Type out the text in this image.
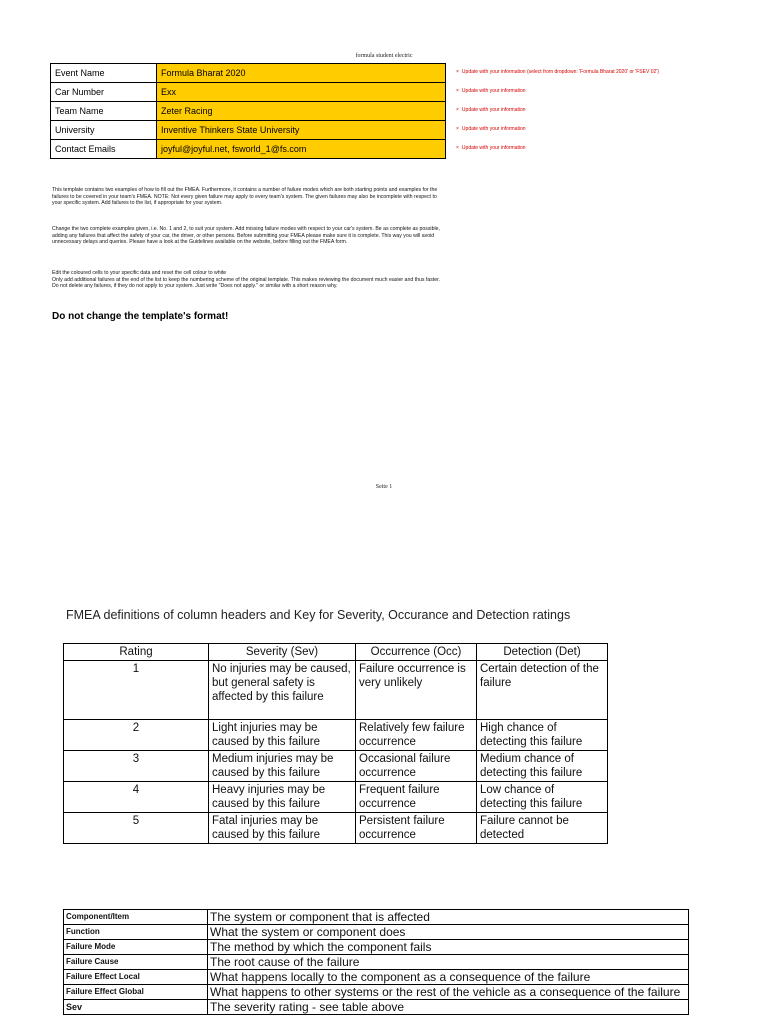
formula student electric
Event Name	Formula Bharat 2020
Car Number	Exx
Team Name	Zeter Racing
University	Inventive Thinkers State University
Contact Emails	joyful@joyful.net, fsworld_1@fs.com
× Update with your information (select from dropdown: 'Formula Bharat 2020' or 'FSEV 02')
× Update with your information
× Update with your information
× Update with your information
× Update with your information
This template contains two examples of how to fill out the FMEA. Furthermore, it contains a number of failure modes which are both starting points and examples for the failures to be covered in your team's FMEA. NOTE: Not every given failure may apply to every team's system. The given failures may also be incomplete with respect to your specific system. Add failures to the list, if appropriate for your system.
Change the two complete examples given, i.e. No. 1 and 2, to suit your system. Add missing failure modes with respect to your car's system. Be as complete as possible, adding any failures that affect the safety of your car, the driver, or other persons. Before submitting your FMEA please make sure it is complete. This way you will avoid unnecessary delays and queries. Please have a look at the Guidelines available on the website, before filling out the FMEA form.
Edit the coloured cells to your specific data and reset the cell colour to white
Only add additional failures at the end of the list to keep the numbering scheme of the original template. This makes reviewing the document much easier and thus faster. Do not delete any failures, if they do not apply to your system. Just write "Does not apply." or similar with a short reason why.
Do not change the template's format!
Seite 1
FMEA definitions of column headers and Key for Severity, Occurance and Detection ratings
Rating	Severity (Sev)	Occurrence (Occ)	Detection (Det)
1	No injuries may be caused, but general safety is affected by this failure	Failure occurrence is very unlikely	Certain detection of the failure
2	Light injuries may be caused by this failure	Relatively few failure occurrence	High chance of detecting this failure
3	Medium injuries may be caused by this failure	Occasional failure occurrence	Medium chance of detecting this failure
4	Heavy injuries may be caused by this failure	Frequent failure occurrence	Low chance of detecting this failure
5	Fatal injuries may be caused by this failure	Persistent failure occurrence	Failure cannot be detected
Component/Item	The system or component that is affected
Function	What the system or component does
Failure Mode	The method by which the component fails
Failure Cause	The root cause of the failure
Failure Effect Local	What happens locally to the component as a consequence of the failure
Failure Effect Global	What happens to other systems or the rest of the vehicle as a consequence of the failure
Sev	The severity rating - see table above
